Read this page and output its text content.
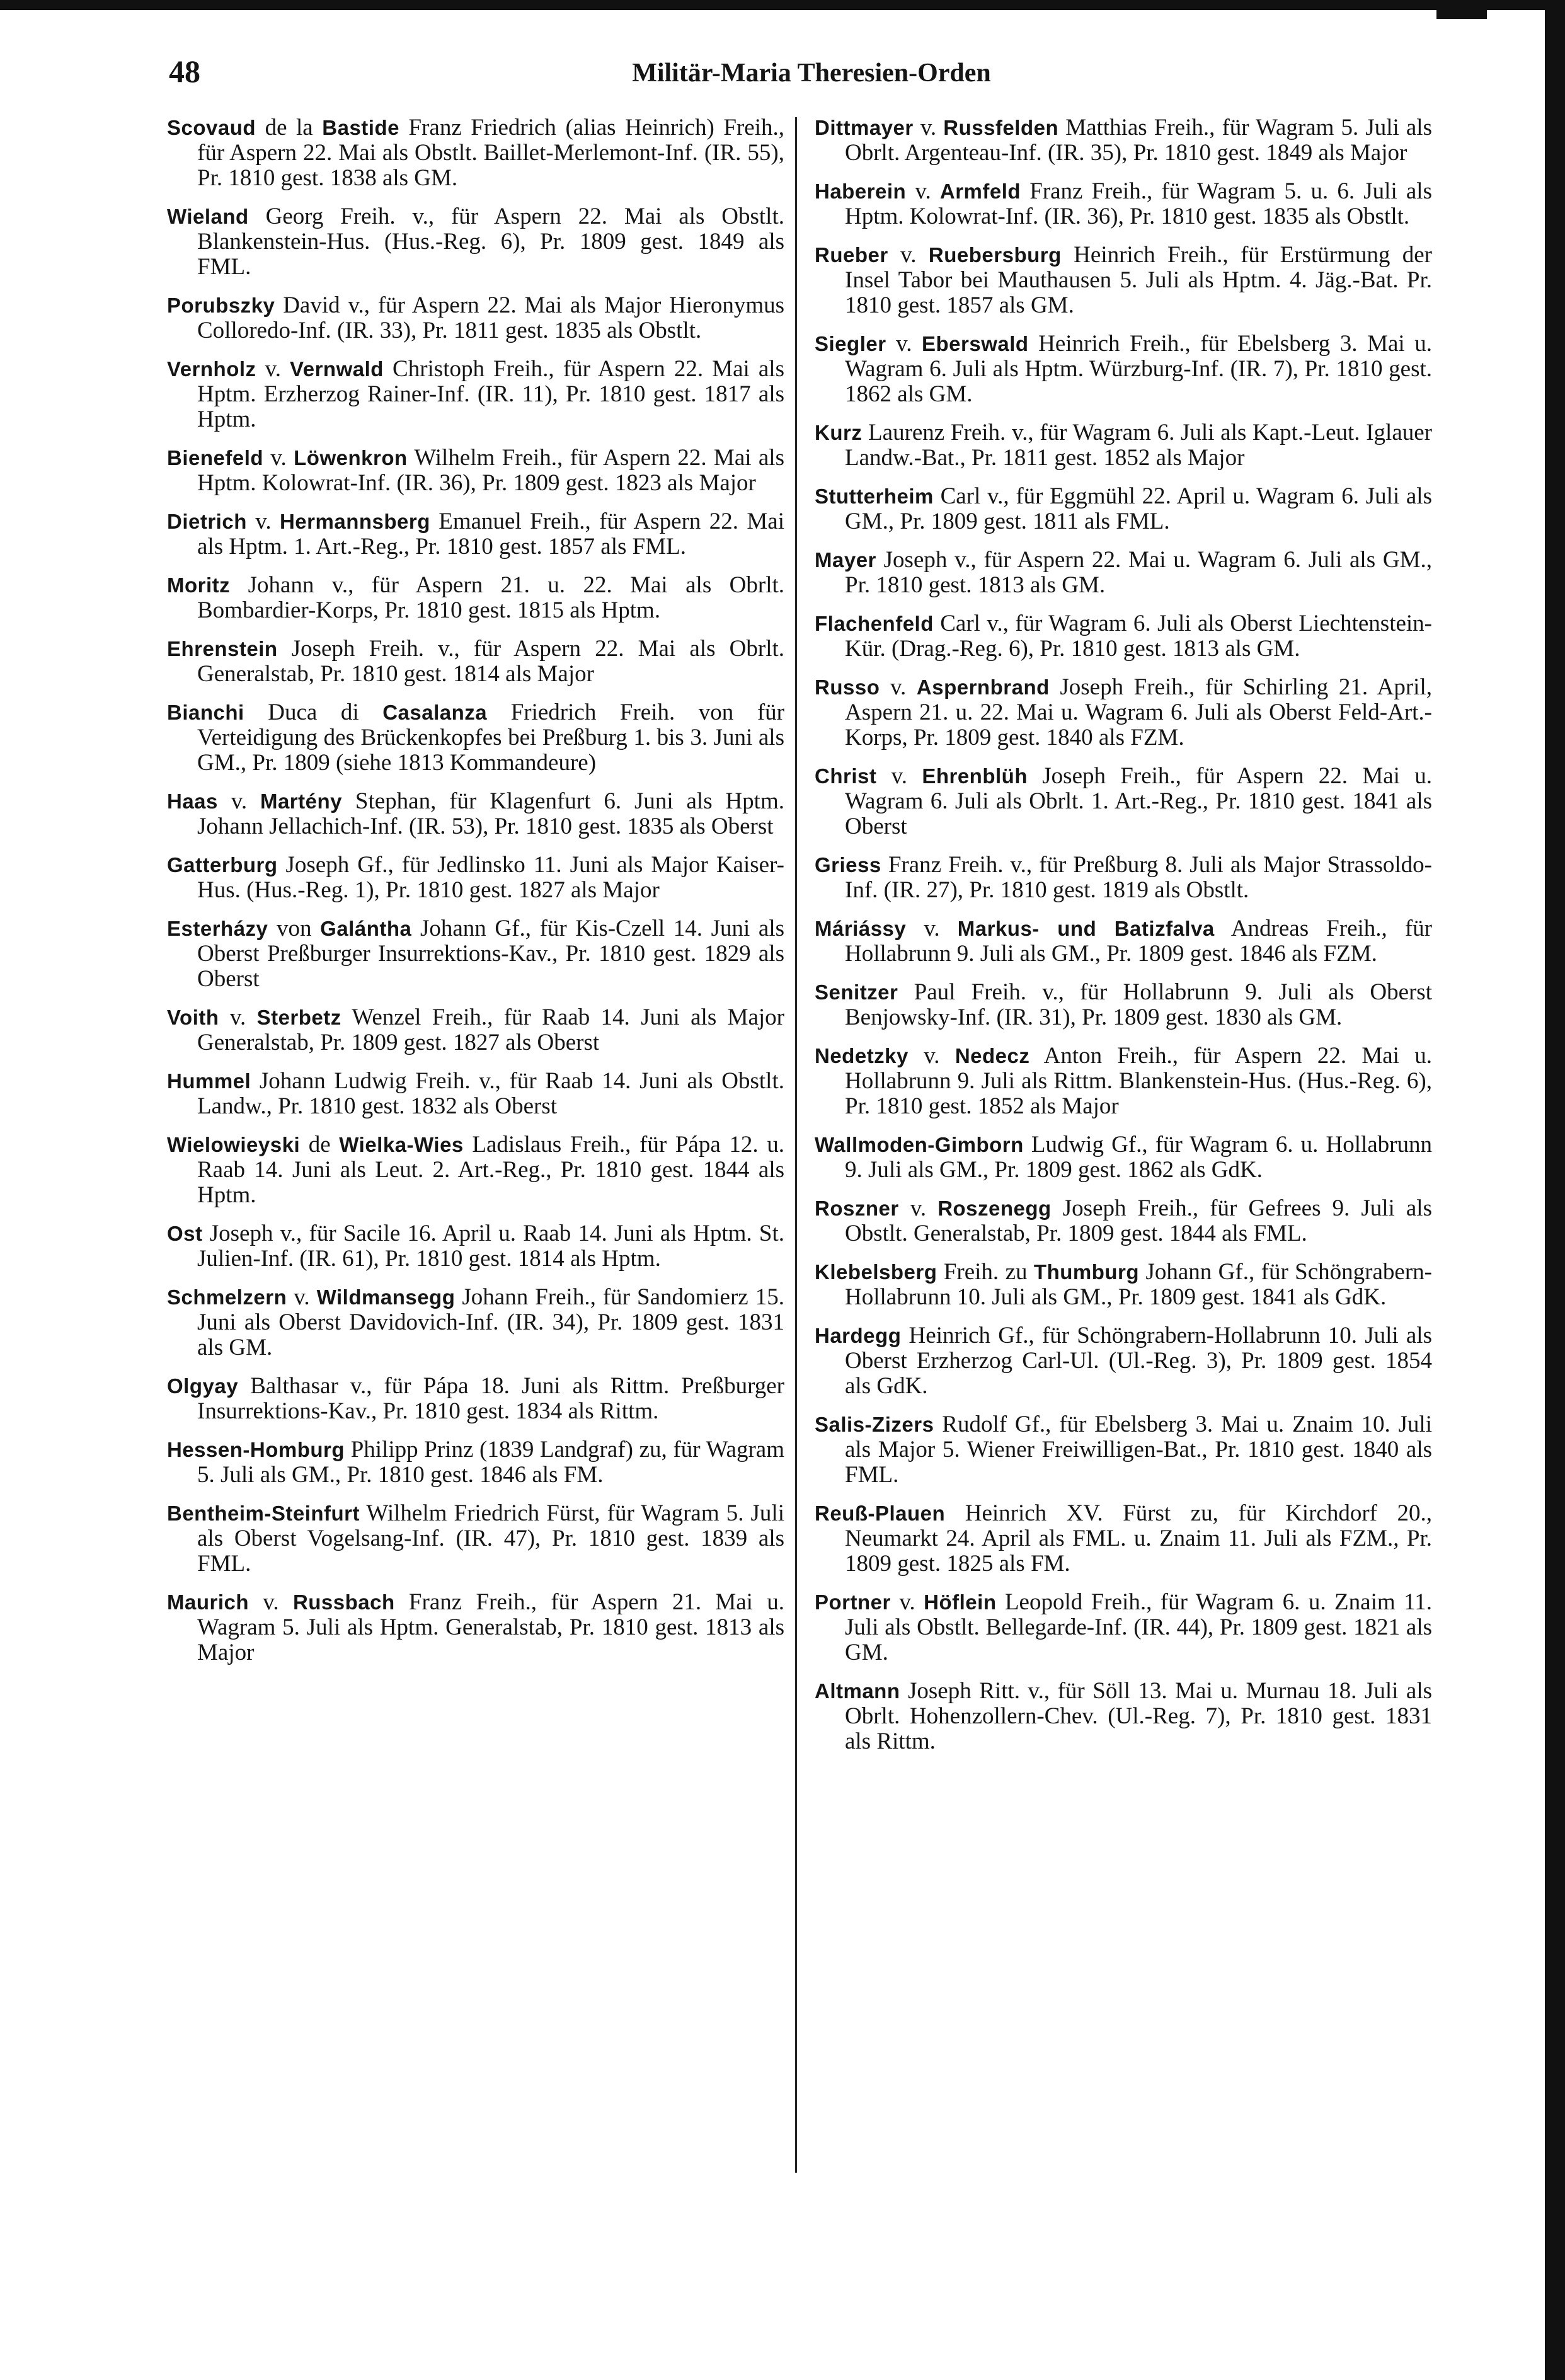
48	Militär-Maria Theresien-Orden

Scovaud de la Bastide Franz Friedrich (alias Heinrich) Freih., für Aspern 22. Mai als Obstlt. Baillet-Merlemont-Inf. (IR. 55), Pr. 1810 gest. 1838 als GM.

Wieland Georg Freih. v., für Aspern 22. Mai als Obstlt. Blankenstein-Hus. (Hus.-Reg. 6), Pr. 1809 gest. 1849 als FML.

Porubszky David v., für Aspern 22. Mai als Major Hieronymus Colloredo-Inf. (IR. 33), Pr. 1811 gest. 1835 als Obstlt.

Vernholz v. Vernwald Christoph Freih., für Aspern 22. Mai als Hptm. Erzherzog Rainer-Inf. (IR. 11), Pr. 1810 gest. 1817 als Hptm.

Bienefeld v. Löwenkron Wilhelm Freih., für Aspern 22. Mai als Hptm. Kolowrat-Inf. (IR. 36), Pr. 1809 gest. 1823 als Major

Dietrich v. Hermannsberg Emanuel Freih., für Aspern 22. Mai als Hptm. 1. Art.-Reg., Pr. 1810 gest. 1857 als FML.

Moritz Johann v., für Aspern 21. u. 22. Mai als Obrlt. Bombardier-Korps, Pr. 1810 gest. 1815 als Hptm.

Ehrenstein Joseph Freih. v., für Aspern 22. Mai als Obrlt. Generalstab, Pr. 1810 gest. 1814 als Major

Bianchi Duca di Casalanza Friedrich Freih. von für Verteidigung des Brückenkopfes bei Preßburg 1. bis 3. Juni als GM., Pr. 1809 (siehe 1813 Kommandeure)

Haas v. Martény Stephan, für Klagenfurt 6. Juni als Hptm. Johann Jellachich-Inf. (IR. 53), Pr. 1810 gest. 1835 als Oberst

Gatterburg Joseph Gf., für Jedlinsko 11. Juni als Major Kaiser-Hus. (Hus.-Reg. 1), Pr. 1810 gest. 1827 als Major

Esterházy von Galántha Johann Gf., für Kis-Czell 14. Juni als Oberst Preßburger Insurrektions-Kav., Pr. 1810 gest. 1829 als Oberst

Voith v. Sterbetz Wenzel Freih., für Raab 14. Juni als Major Generalstab, Pr. 1809 gest. 1827 als Oberst

Hummel Johann Ludwig Freih. v., für Raab 14. Juni als Obstlt. Landw., Pr. 1810 gest. 1832 als Oberst

Wielowieyski de Wielka-Wies Ladislaus Freih., für Pápa 12. u. Raab 14. Juni als Leut. 2. Art.-Reg., Pr. 1810 gest. 1844 als Hptm.

Ost Joseph v., für Sacile 16. April u. Raab 14. Juni als Hptm. St. Julien-Inf. (IR. 61), Pr. 1810 gest. 1814 als Hptm.

Schmelzern v. Wildmansegg Johann Freih., für Sandomierz 15. Juni als Oberst Davidovich-Inf. (IR. 34), Pr. 1809 gest. 1831 als GM.

Olgyay Balthasar v., für Pápa 18. Juni als Rittm. Preßburger Insurrektions-Kav., Pr. 1810 gest. 1834 als Rittm.

Hessen-Homburg Philipp Prinz (1839 Landgraf) zu, für Wagram 5. Juli als GM., Pr. 1810 gest. 1846 als FM.

Bentheim-Steinfurt Wilhelm Friedrich Fürst, für Wagram 5. Juli als Oberst Vogelsang-Inf. (IR. 47), Pr. 1810 gest. 1839 als FML.

Maurich v. Russbach Franz Freih., für Aspern 21. Mai u. Wagram 5. Juli als Hptm. Generalstab, Pr. 1810 gest. 1813 als Major

Dittmayer v. Russfelden Matthias Freih., für Wagram 5. Juli als Obrlt. Argenteau-Inf. (IR. 35), Pr. 1810 gest. 1849 als Major

Haberein v. Armfeld Franz Freih., für Wagram 5. u. 6. Juli als Hptm. Kolowrat-Inf. (IR. 36), Pr. 1810 gest. 1835 als Obstlt.

Rueber v. Ruebersburg Heinrich Freih., für Erstürmung der Insel Tabor bei Mauthausen 5. Juli als Hptm. 4. Jäg.-Bat. Pr. 1810 gest. 1857 als GM.

Siegler v. Eberswald Heinrich Freih., für Ebelsberg 3. Mai u. Wagram 6. Juli als Hptm. Würzburg-Inf. (IR. 7), Pr. 1810 gest. 1862 als GM.

Kurz Laurenz Freih. v., für Wagram 6. Juli als Kapt.-Leut. Iglauer Landw.-Bat., Pr. 1811 gest. 1852 als Major

Stutterheim Carl v., für Eggmühl 22. April u. Wagram 6. Juli als GM., Pr. 1809 gest. 1811 als FML.

Mayer Joseph v., für Aspern 22. Mai u. Wagram 6. Juli als GM., Pr. 1810 gest. 1813 als GM.

Flachenfeld Carl v., für Wagram 6. Juli als Oberst Liechtenstein-Kür. (Drag.-Reg. 6), Pr. 1810 gest. 1813 als GM.

Russo v. Aspernbrand Joseph Freih., für Schirling 21. April, Aspern 21. u. 22. Mai u. Wagram 6. Juli als Oberst Feld-Art.-Korps, Pr. 1809 gest. 1840 als FZM.

Christ v. Ehrenblüh Joseph Freih., für Aspern 22. Mai u. Wagram 6. Juli als Obrlt. 1. Art.-Reg., Pr. 1810 gest. 1841 als Oberst

Griess Franz Freih. v., für Preßburg 8. Juli als Major Strassoldo-Inf. (IR. 27), Pr. 1810 gest. 1819 als Obstlt.

Máriássy v. Markus- und Batizfalva Andreas Freih., für Hollabrunn 9. Juli als GM., Pr. 1809 gest. 1846 als FZM.

Senitzer Paul Freih. v., für Hollabrunn 9. Juli als Oberst Benjowsky-Inf. (IR. 31), Pr. 1809 gest. 1830 als GM.

Nedetzky v. Nedecz Anton Freih., für Aspern 22. Mai u. Hollabrunn 9. Juli als Rittm. Blankenstein-Hus. (Hus.-Reg. 6), Pr. 1810 gest. 1852 als Major

Wallmoden-Gimborn Ludwig Gf., für Wagram 6. u. Hollabrunn 9. Juli als GM., Pr. 1809 gest. 1862 als GdK.

Roszner v. Roszenegg Joseph Freih., für Gefrees 9. Juli als Obstlt. Generalstab, Pr. 1809 gest. 1844 als FML.

Klebelsberg Freih. zu Thumburg Johann Gf., für Schöngrabern-Hollabrunn 10. Juli als GM., Pr. 1809 gest. 1841 als GdK.

Hardegg Heinrich Gf., für Schöngrabern-Hollabrunn 10. Juli als Oberst Erzherzog Carl-Ul. (Ul.-Reg. 3), Pr. 1809 gest. 1854 als GdK.

Salis-Zizers Rudolf Gf., für Ebelsberg 3. Mai u. Znaim 10. Juli als Major 5. Wiener Freiwilligen-Bat., Pr. 1810 gest. 1840 als FML.

Reuß-Plauen Heinrich XV. Fürst zu, für Kirchdorf 20., Neumarkt 24. April als FML. u. Znaim 11. Juli als FZM., Pr. 1809 gest. 1825 als FM.

Portner v. Höflein Leopold Freih., für Wagram 6. u. Znaim 11. Juli als Obstlt. Bellegarde-Inf. (IR. 44), Pr. 1809 gest. 1821 als GM.

Altmann Joseph Ritt. v., für Söll 13. Mai u. Murnau 18. Juli als Obrlt. Hohenzollern-Chev. (Ul.-Reg. 7), Pr. 1810 gest. 1831 als Rittm.
